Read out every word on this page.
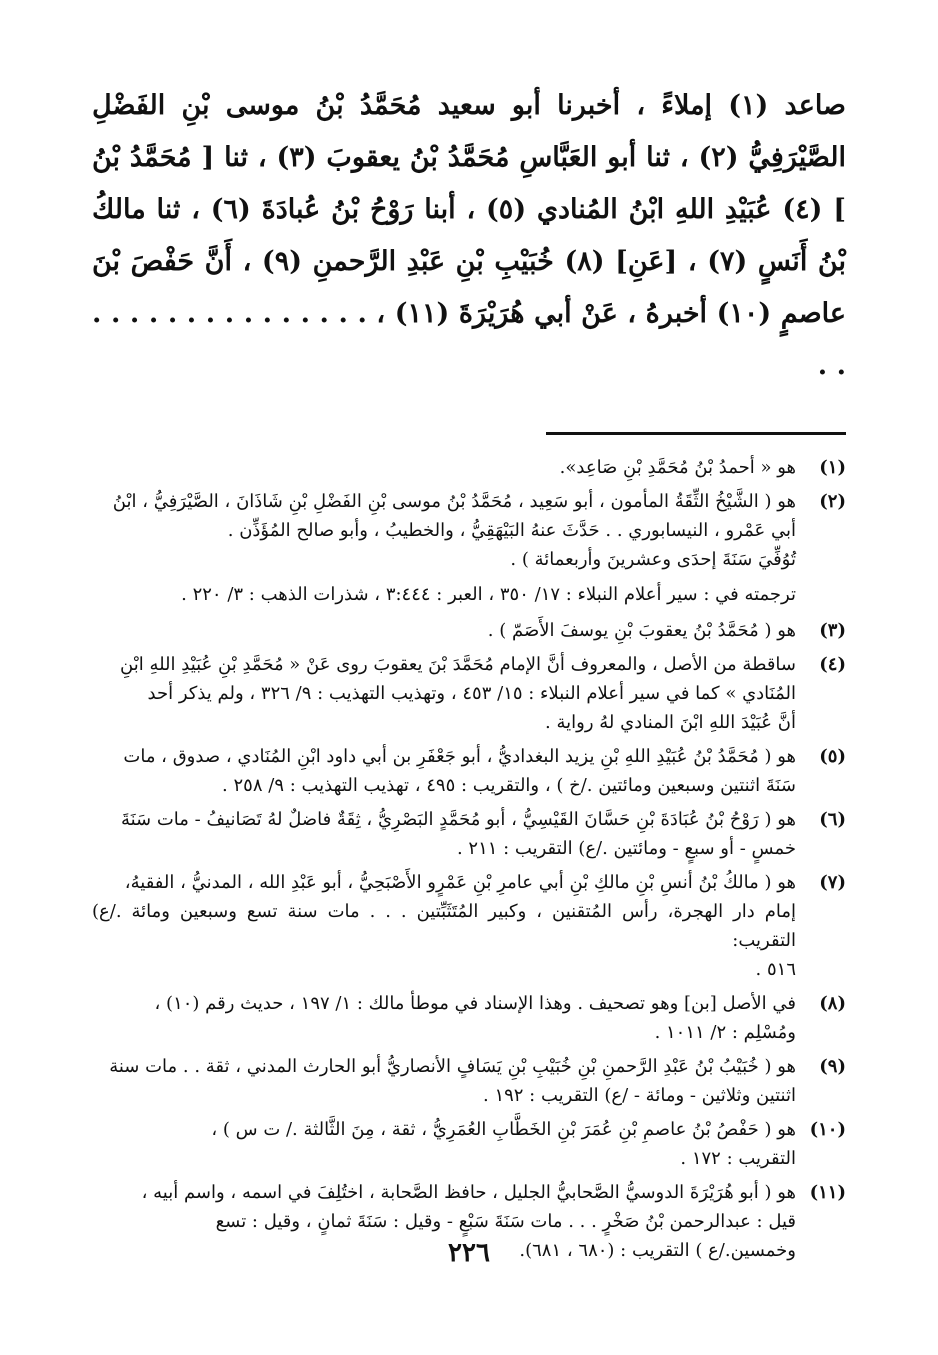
صاعد (١) إملاءً ، أخبرنا أبو سعيد مُحَمَّدُ بْنُ موسى بْنِ الفَضْلِ الصَّيْرَفِيُّ (٢) ، ثنا أبو العَبَّاسِ مُحَمَّدُ بْنُ يعقوبَ (٣) ، ثنا [ مُحَمَّدُ بْنُ ] (٤) عُبَيْدِ اللهِ ابْنُ المُنادي (٥) ، أبنا رَوْحُ بْنُ عُبادَةَ (٦) ، ثنا مالكُ بْنُ أَنَسٍ (٧) ، [عَنِ] (٨) خُبَيْبِ بْنِ عَبْدِ الرَّحمنِ (٩) ، أَنَّ حَفْصَ بْنَ عاصمٍ (١٠) أخبرهُ ، عَنْ أبي هُرَيْرَةَ (١١) ، . . . . . . . . . . . . . . . . .

(١)
هو « أحمدُ بْنُ مُحَمَّدِ بْنِ صَاعِد».
(٢)
هو ( الشَّيْخُ الثِّقَةُ المأمون ، أبو سَعِيد ، مُحَمَّدُ بْنُ موسى بْنِ الفَضْلِ بْنِ شَاذَانَ ، الصَّيْرَفِيُّ ، ابْنُ
أبي عَمْرو ، النيسابوري . . حَدَّثَ عنهُ البَيْهَقِيُّ ، والخطيبُ ، وأبو صالح المُؤَذِّن .
تُوُفِّيَ سَنَةَ إحدَى وعشرينَ وأربعمائة ) .
ترجمته في : سير أعلام النبلاء : ١٧/ ٣٥٠ ، العبر : ٣:٤٤٤ ، شذرات الذهب : ٣/ ٢٢٠ .
(٣)
هو ( مُحَمَّدُ بْنُ يعقوبَ بْنِ يوسفَ الأَصَمّ ) .
(٤)
ساقطة من الأصل ، والمعروف أنَّ الإمام مُحَمَّدَ بْنَ يعقوبَ روى عَنْ « مُحَمَّدِ بْنِ عُبَيْدِ اللهِ ابْنِ
المُنَادي » كما في سير أعلام النبلاء : ١٥/ ٤٥٣ ، وتهذيب التهذيب : ٩/ ٣٢٦ ، ولم يذكر أحد
أنَّ عُبَيْدَ اللهِ ابْنَ المنادي لهُ رواية .
(٥)
هو ( مُحَمَّدُ بْنُ عُبَيْدِ اللهِ بْنِ يزيد البغداديُّ ، أبو جَعْفَرِ بن أبي داود ابْنِ المُنَادي ، صدوق ، مات
سَنَةَ اثنتين وسبعين ومائتين ./خ ) ، والتقريب : ٤٩٥ ، تهذيب التهذيب : ٩/ ٢٥٨ .
(٦)
هو ( رَوْحُ بْنُ عُبَادَةَ بْنِ حَسَّانَ القَيْسِيُّ ، أبو مُحَمَّدٍ البَصْرِيُّ ، ثِقَةٌ فاضلٌ لهُ تَصَانيفُ - مات سَنَةَ
خمسٍ - أو سبعٍ - ومائتين ./ع) التقريب : ٢١١ .
(٧)
هو ( مالكُ بْنُ أنسِ بْنِ مالكِ بْنِ أبي عامرِ بْنِ عَمْرٍو الأَصْبَحِيُّ ، أبو عَبْدِ الله ، المدنيُّ ، الفقيهُ،
إمام دار الهجرة، رأس المُتقنين ، وكبير المُتَثَبِّتين . . . مات سنة تسع وسبعين ومائة ./ع) التقريب:
٥١٦ .
(٨)
في الأصل [بن] وهو تصحيف . وهذا الإسناد في موطأ مالك : ١/ ١٩٧ ، حديث رقم (١٠) ،
ومُسْلِم : ٢/ ١٠١١ .
(٩)
هو ( خُبَيْبُ بْنُ عَبْدِ الرَّحمنِ بْنِ خُبَيْبِ بْنِ يَسَافٍ الأنصاريُّ أبو الحارث المدني ، ثقة . . مات سنة
اثنتين وثلاثين - ومائة - /ع) التقريب : ١٩٢ .
(١٠)
هو ( حَفْصُ بْنُ عاصمِ بْنِ عُمَرَ بْنِ الخَطَّابِ العُمَرِيُّ ، ثقة ، مِنَ الثَّالثة ./ ت س ) ،
التقريب : ١٧٢ .
(١١)
هو ( أبو هُرَيْرَةَ الدوسيُّ الصَّحابيُّ الجليل ، حافظ الصَّحابة ، اختُلِفَ في اسمه ، واسم أبيه ،
قيل : عبدالرحمن بْنُ صَخْرٍ . . . مات سَنَةَ سَبْعٍ - وقيل : سَنَةَ ثمانٍ ، وقيل : تسع
وخمسين./ع ) التقريب : (٦٨٠ ، ٦٨١).
٢٢٦
